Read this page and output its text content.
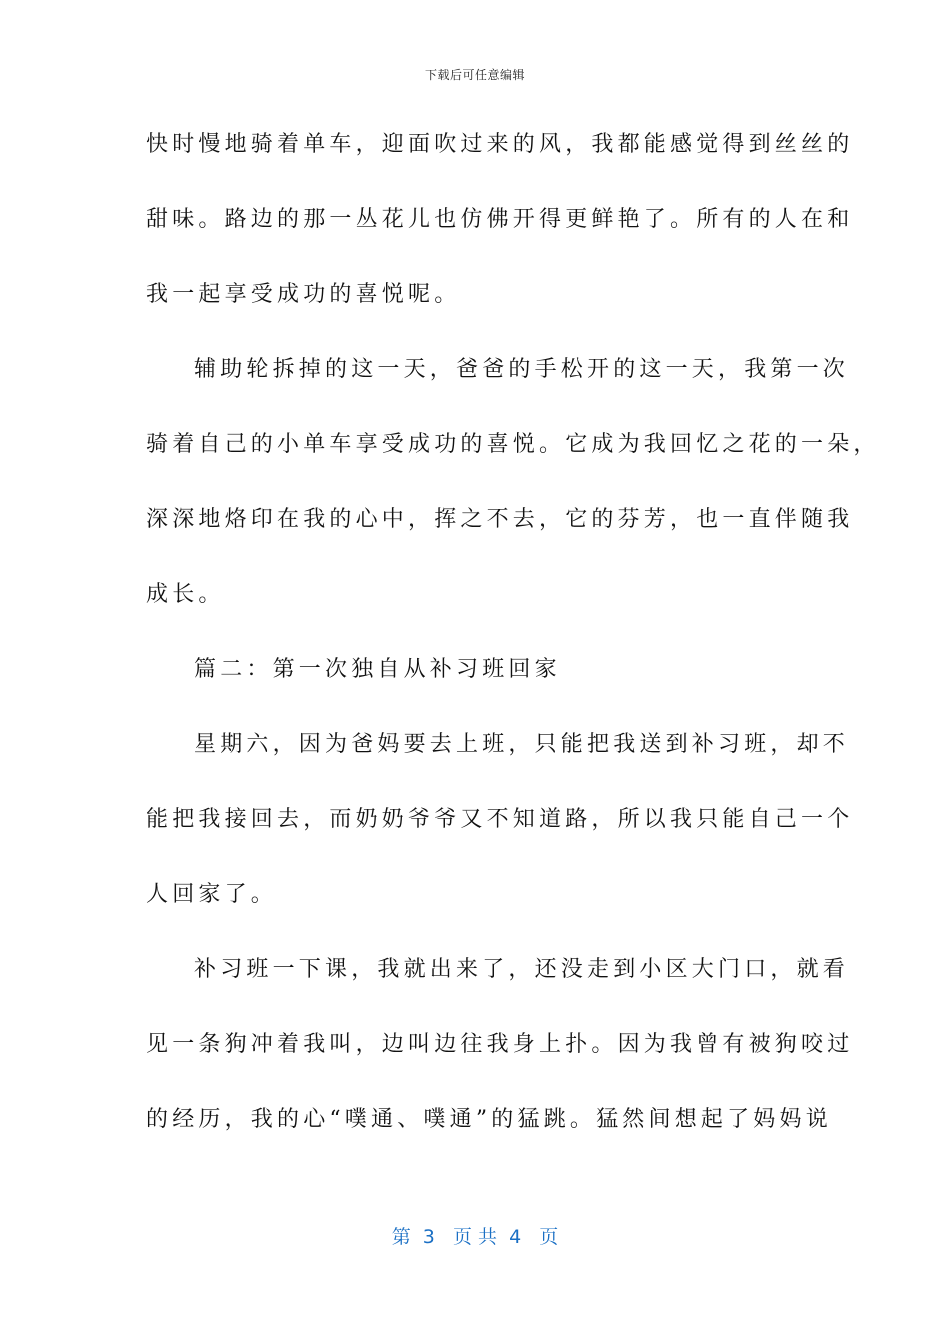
下载后可任意编辑
快时慢地骑着单车，迎面吹过来的风，我都能感觉得到丝丝的
甜味。路边的那一丛花儿也仿佛开得更鲜艳了。所有的人在和
我一起享受成功的喜悦呢。
辅助轮拆掉的这一天，爸爸的手松开的这一天，我第一次
骑着自己的小单车享受成功的喜悦。它成为我回忆之花的一朵，
深深地烙印在我的心中，挥之不去，它的芬芳，也一直伴随我
成长。
篇二：第一次独自从补习班回家
星期六，因为爸妈要去上班，只能把我送到补习班，却不
能把我接回去，而奶奶爷爷又不知道路，所以我只能自己一个
人回家了。
补习班一下课，我就出来了，还没走到小区大门口，就看
见一条狗冲着我叫，边叫边往我身上扑。因为我曾有被狗咬过
的经历，我的心“噗通、噗通”的猛跳。猛然间想起了妈妈说
第  3   页 共  4   页
